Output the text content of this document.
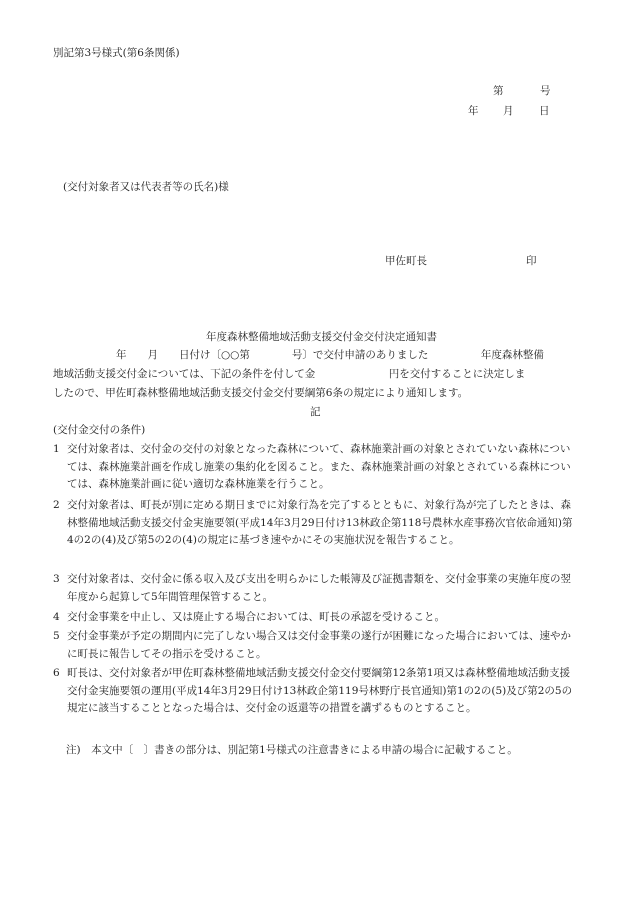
別記第3号様式(第6条関係)
第	号
年 月 日
(交付対象者又は代表者等の氏名)様
甲佐町長	印
年度森林整備地域活動支援交付金交付決定通知書
年　　月　　日付け〔○○第　　　　号〕で交付申請のありました　　　　　年度森林整備
地域活動支援交付金については、下記の条件を付して金　　　　　　　円を交付することに決定しま
したので、甲佐町森林整備地域活動支援交付金交付要綱第6条の規定により通知します。
記
(交付金交付の条件)
1 交付対象者は、交付金の交付の対象となった森林について、森林施業計画の対象とされていない森林については、森林施業計画を作成し施業の集約化を図ること。また、森林施業計画の対象とされている森林については、森林施業計画に従い適切な森林施業を行うこと。
2 交付対象者は、町長が別に定める期日までに対象行為を完了するとともに、対象行為が完了したときは、森林整備地域活動支援交付金実施要領(平成14年3月29日付け13林政企第118号農林水産事務次官依命通知)第4の2の(4)及び第5の2の(4)の規定に基づき速やかにその実施状況を報告すること。
3 交付対象者は、交付金に係る収入及び支出を明らかにした帳簿及び証拠書類を、交付金事業の実施年度の翌年度から起算して5年間管理保管すること。
4 交付金事業を中止し、又は廃止する場合においては、町長の承認を受けること。
5 交付金事業が予定の期間内に完了しない場合又は交付金事業の遂行が困難になった場合においては、速やかに町長に報告してその指示を受けること。
6 町長は、交付対象者が甲佐町森林整備地域活動支援交付金交付要綱第12条第1項又は森林整備地域活動支援交付金実施要領の運用(平成14年3月29日付け13林政企第119号林野庁長官通知)第1の2の(5)及び第2の5の規定に該当することとなった場合は、交付金の返還等の措置を講ずるものとすること。
注)　本文中〔　〕書きの部分は、別記第1号様式の注意書きによる申請の場合に記載すること。
